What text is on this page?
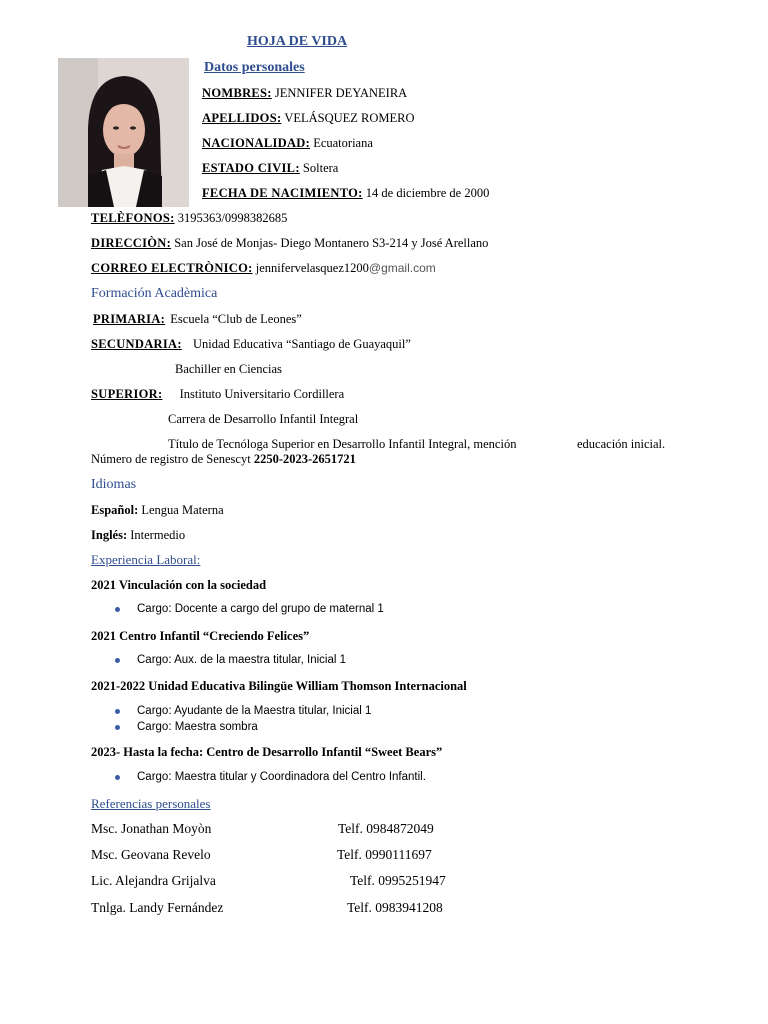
HOJA DE VIDA
Datos personales
NOMBRES: JENNIFER DEYANEIRA
APELLIDOS: VELÁSQUEZ ROMERO
NACIONALIDAD: Ecuatoriana
ESTADO CIVIL: Soltera
FECHA DE NACIMIENTO: 14 de diciembre de 2000
TELÈFONOS: 3195363/0998382685
DIRECCIÒN: San José de Monjas- Diego Montanero S3-214 y José Arellano
CORREO ELECTRÒNICO: jennifervelasquez1200@gmail.com
Formación Acadèmica
PRIMARIA: Escuela “Club de Leones”
SECUNDARIA: Unidad Educativa “Santiago de Guayaquil”
Bachiller en Ciencias
SUPERIOR: Instituto Universitario Cordillera
Carrera de Desarrollo Infantil Integral
Título de Tecnóloga Superior en Desarrollo Infantil Integral, mención	educación inicial.
Número de registro de Senescyt 2250-2023-2651721
Idiomas
Español: Lengua Materna
Inglés: Intermedio
Experiencia Laboral:
2021 Vinculación con la sociedad
Cargo: Docente a cargo del grupo de maternal 1
2021 Centro Infantil “Creciendo Felices”
Cargo: Aux. de la maestra titular, Inicial 1
2021-2022 Unidad Educativa Bilingüe William Thomson Internacional
Cargo: Ayudante de la Maestra titular, Inicial 1
Cargo: Maestra sombra
2023- Hasta la fecha: Centro de Desarrollo Infantil “Sweet Bears”
Cargo: Maestra titular y Coordinadora del Centro Infantil.
Referencias personales
Msc. Jonathan Moyòn	Telf. 0984872049
Msc. Geovana Revelo	Telf. 0990111697
Lic. Alejandra Grijalva	Telf. 0995251947
Tnlga. Landy Fernández	Telf. 0983941208
